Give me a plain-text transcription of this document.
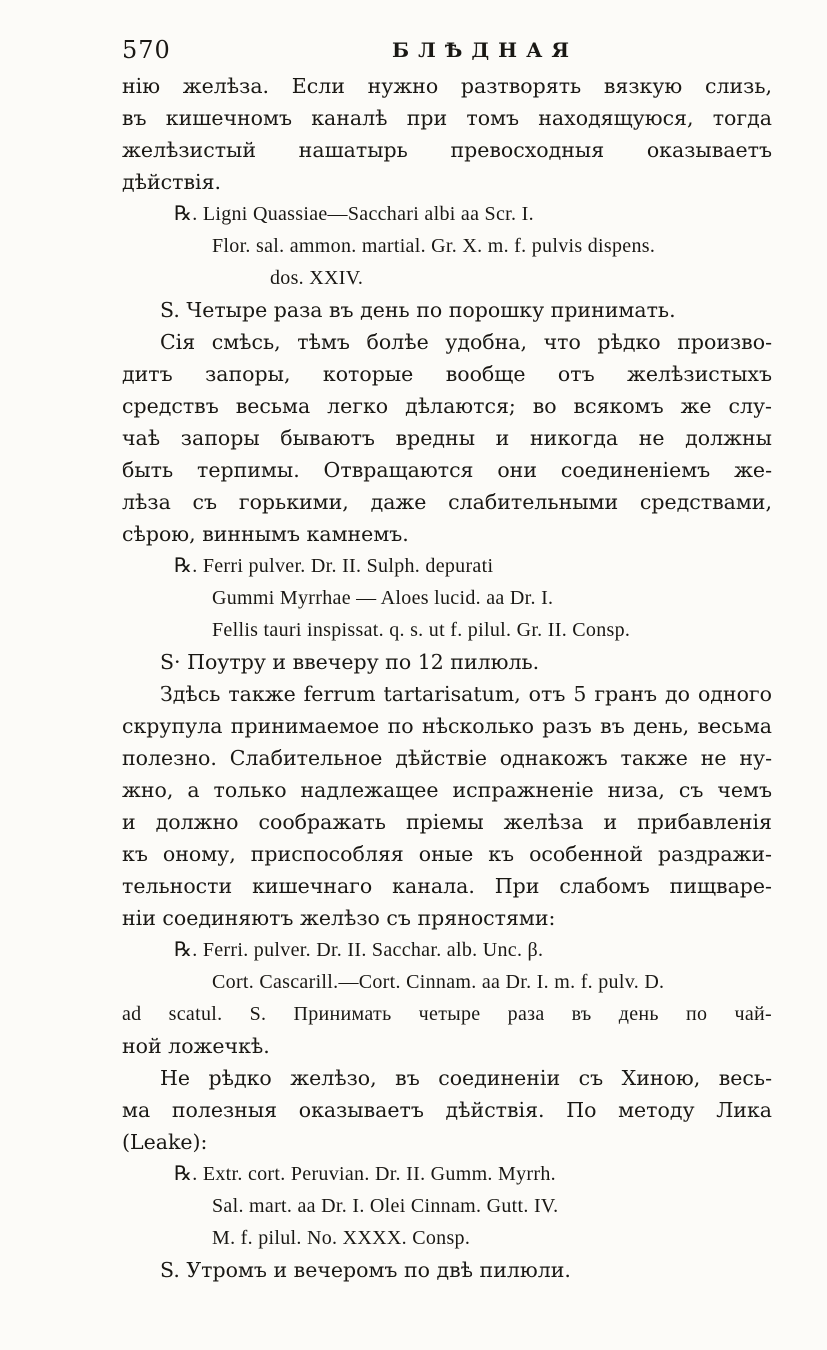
570	БЛѢДНАЯ
нію желѣза. Если нужно разтворять вязкую слизь,
въ кишечномъ каналѣ при томъ находящуюся, тогда
желѣзистый нашатырь превосходныя оказываетъ
дѣйствія.
℞. Ligni Quassiae—Sacchari albi aa Scr. I.
Flor. sal. ammon. martial. Gr. X. m. f. pulvis dispens.
dos. XXIV.
S. Четыре раза въ день по порошку принимать.
Сія смѣсь, тѣмъ болѣе удобна, что рѣдко произво-
дитъ запоры, которые вообще отъ желѣзистыхъ
средствъ весьма легко дѣлаются; во всякомъ же слу-
чаѣ запоры бываютъ вредны и никогда не должны
быть терпимы. Отвращаются они соединеніемъ же-
лѣза съ горькими, даже слабительными средствами,
сѣрою, виннымъ камнемъ.
℞. Ferri pulver. Dr. II. Sulph. depurati
Gummi Myrrhae — Aloes lucid. aa Dr. I.
Fellis tauri inspissat. q. s. ut f. pilul. Gr. II. Consp.
S· Поутру и ввечеру по 12 пилюль.
Здѣсь также ferrum tartarisatum, отъ 5 гранъ до одного
скрупула принимаемое по нѣсколько разъ въ день, весьма
полезно. Слабительное дѣйствіе однакожъ также не ну-
жно, а только надлежащее испражненіе низа, съ чемъ
и должно соображать пріемы желѣза и прибавленія
къ оному, приспособляя оные къ особенной раздражи-
тельности кишечнаго канала. При слабомъ пищваре-
ніи соединяютъ желѣзо съ пряностями:
℞. Ferri. pulver. Dr. II. Sacchar. alb. Unc. β.
Cort. Cascarill.—Cort. Cinnam. aa Dr. I. m. f. pulv. D.
ad scatul. S. Принимать четыре раза въ день по чай-
ной ложечкѣ.
Не рѣдко желѣзо, въ соединеніи съ Хиною, весь-
ма полезныя оказываетъ дѣйствія. По методу Лика
(Leake):
℞. Extr. cort. Peruvian. Dr. II. Gumm. Myrrh.
Sal. mart. aa Dr. I. Olei Cinnam. Gutt. IV.
M. f. pilul. No. XXXX. Consp.
S. Утромъ и вечеромъ по двѣ пилюли.
